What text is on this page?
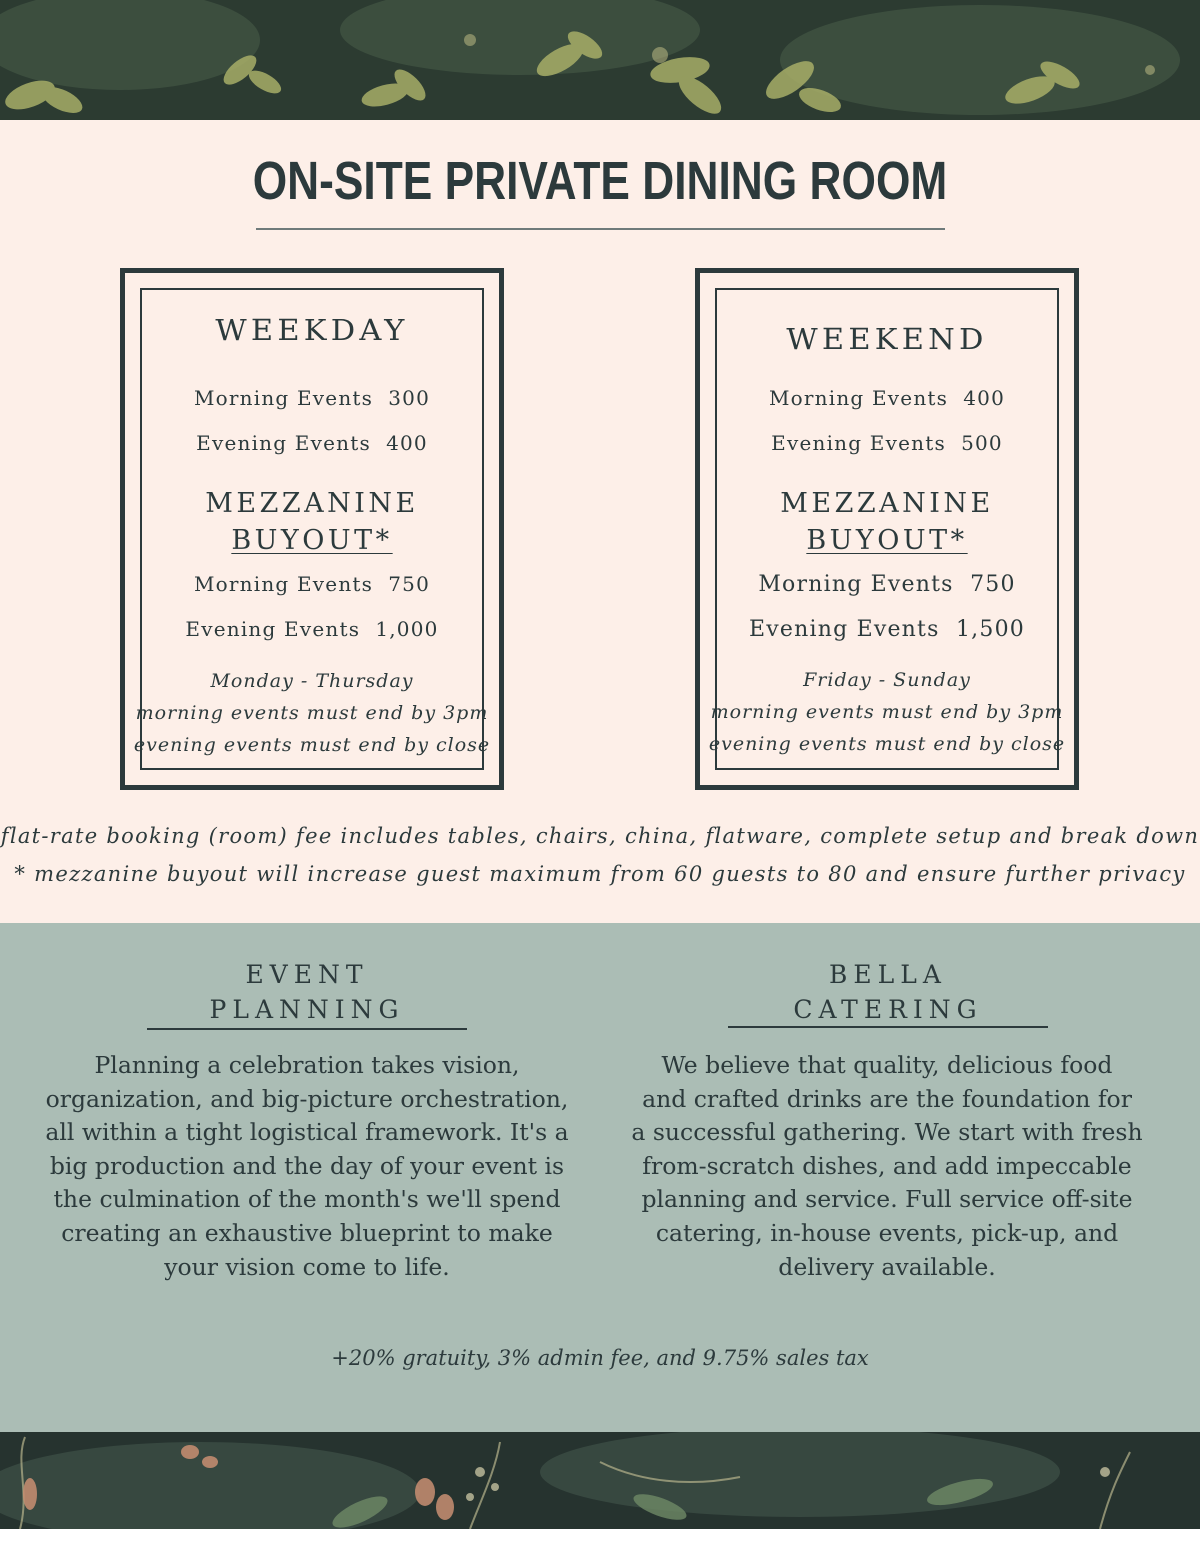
ON-SITE PRIVATE DINING ROOM
WEEKDAY
Morning Events 300
Evening Events 400
MEZZANINE
BUYOUT*
Morning Events 750
Evening Events 1,000
Monday - Thursday
morning events must end by 3pm
evening events must end by close
WEEKEND
Morning Events 400
Evening Events 500
MEZZANINE
BUYOUT*
Morning Events 750
Evening Events 1,500
Friday - Sunday
morning events must end by 3pm
evening events must end by close
flat-rate booking (room) fee includes tables, chairs, china, flatware, complete setup and break down
* mezzanine buyout will increase guest maximum from 60 guests to 80 and ensure further privacy
EVENT
PLANNING

Planning a celebration takes vision,

organization, and big-picture orchestration,

all within a tight logistical framework. It's a

big production and the day of your event is

the culmination of the month's we'll spend

creating an exhaustive blueprint to make

your vision come to life.

BELLA
CATERING

We believe that quality, delicious food

and crafted drinks are the foundation for

a successful gathering. We start with fresh

from-scratch dishes, and add impeccable

planning and service. Full service off-site

catering, in-house events, pick-up, and

delivery available.

+20% gratuity, 3% admin fee, and 9.75% sales tax
